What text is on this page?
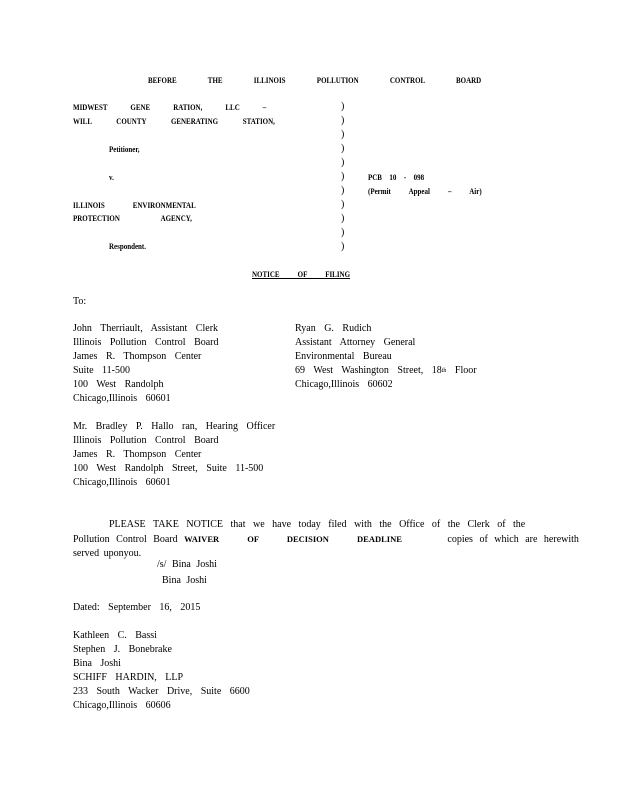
BEFORE THE ILLINOIS POLLUTION CONTROL BOARD
MIDWEST GENE RATION, LLC –
WILL COUNTY GENERATING STATION,
Petitioner,
v.
ILLINOIS ENVIRONMENTAL
PROTECTION AGENCY,
Respondent.
)
)
)
)
)
)
)
)
)
)
)
PCB 10 - 098
(Permit Appeal – Air)
NOTICE OF FILING
To:
John Therriault, Assistant Clerk
Illinois Pollution Control Board
James R. Thompson Center
Suite 11-500
100 West Randolph
Chicago,Illinois 60601
Ryan G. Rudich
Assistant Attorney General
Environmental Bureau
69 West Washington Street, 18th Floor
Chicago,Illinois 60602
Mr. Bradley P. Hallo ran, Hearing Officer
Illinois Pollution Control Board
James R. Thompson Center
100 West Randolph Street, Suite 11-500
Chicago,Illinois 60601
PLEASE TAKE NOTICE that we have today filed with the Office of the Clerk of the
Pollution Control Board WAIVER OF DECISION DEADLINE	copies of which are herewith
served uponyou.
/s/ Bina Joshi
Bina Joshi
Dated: September 16, 2015
Kathleen C. Bassi
Stephen J. Bonebrake
Bina Joshi
SCHIFF HARDIN, LLP
233 South Wacker Drive, Suite 6600
Chicago,Illinois 60606
